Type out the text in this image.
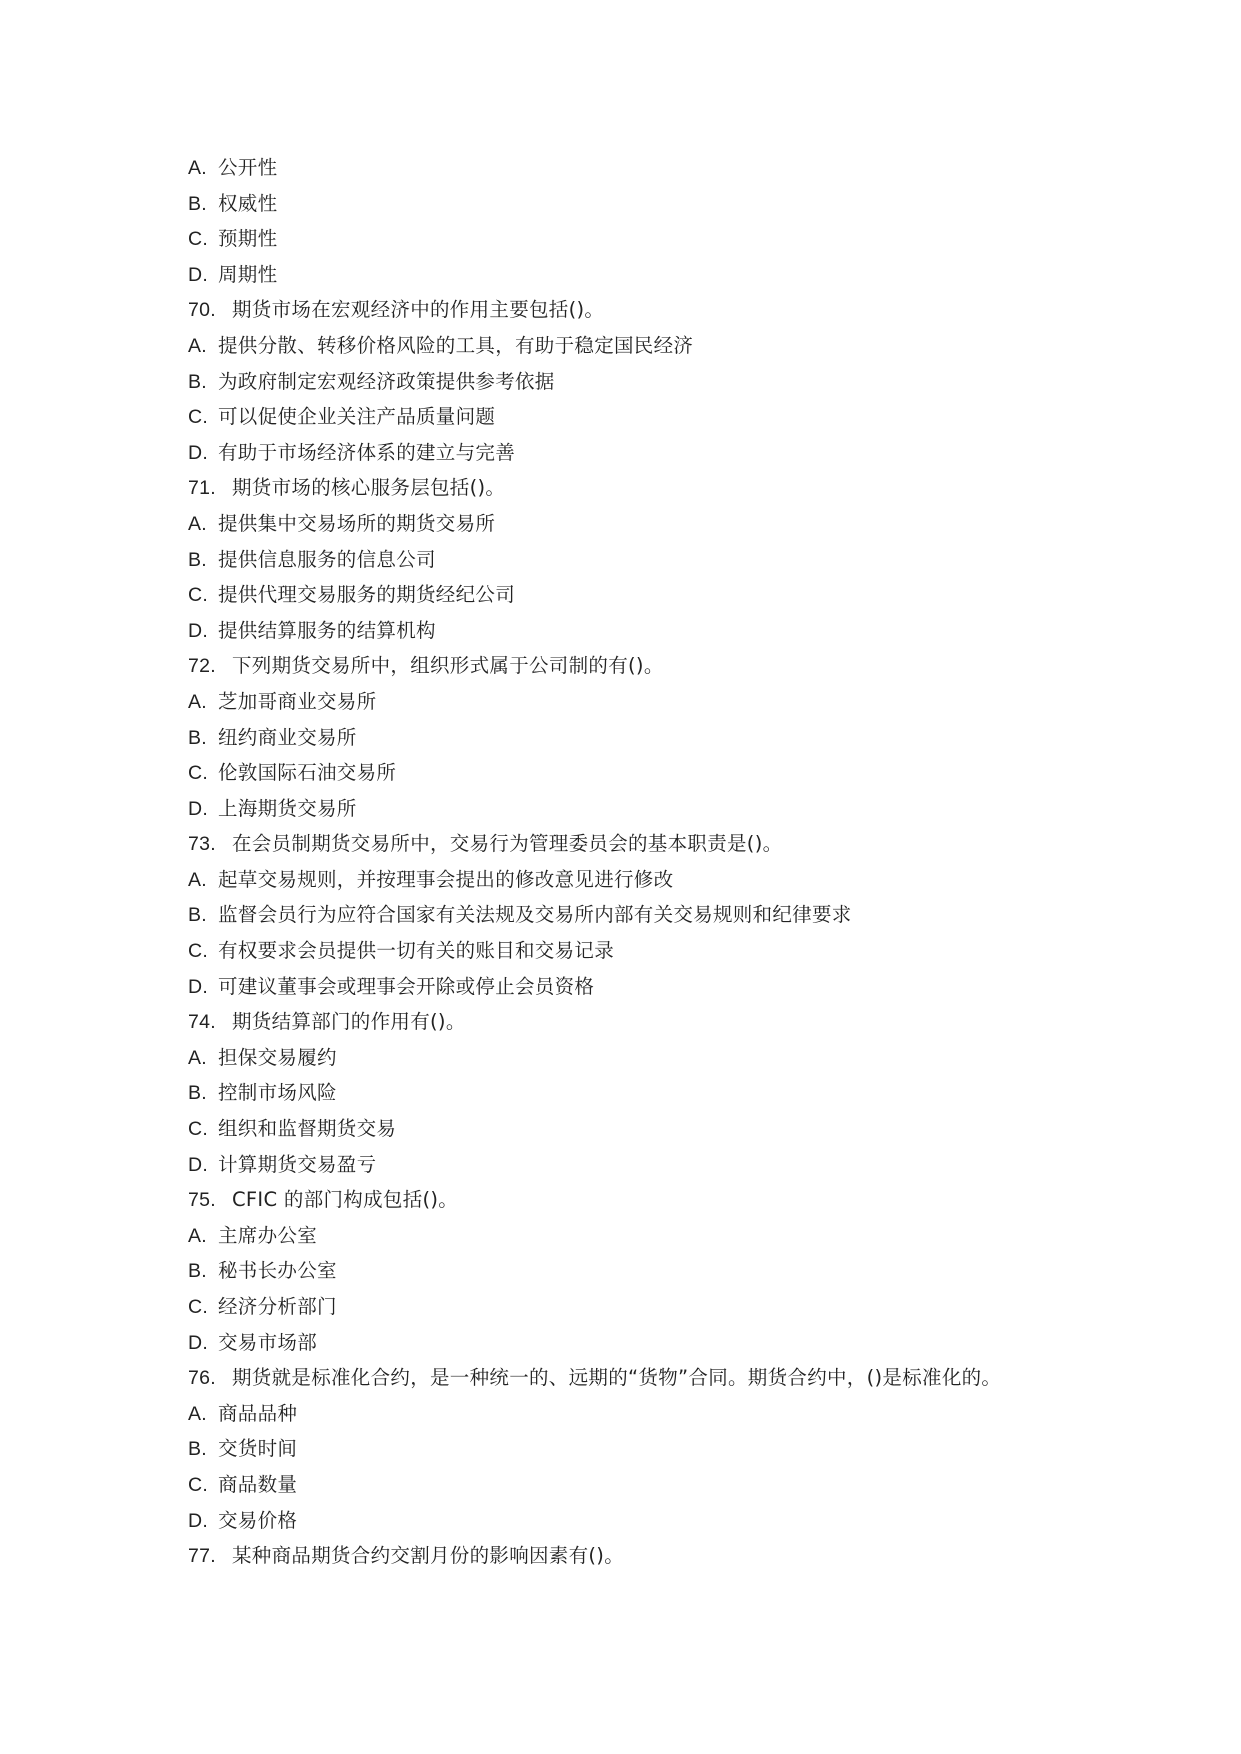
A. 公开性
B. 权威性
C. 预期性
D. 周期性
70. 期货市场在宏观经济中的作用主要包括()。
A. 提供分散、转移价格风险的工具，有助于稳定国民经济
B. 为政府制定宏观经济政策提供参考依据
C. 可以促使企业关注产品质量问题
D. 有助于市场经济体系的建立与完善
71. 期货市场的核心服务层包括()。
A. 提供集中交易场所的期货交易所
B. 提供信息服务的信息公司
C. 提供代理交易服务的期货经纪公司
D. 提供结算服务的结算机构
72. 下列期货交易所中，组织形式属于公司制的有()。
A. 芝加哥商业交易所
B. 纽约商业交易所
C. 伦敦国际石油交易所
D. 上海期货交易所
73. 在会员制期货交易所中，交易行为管理委员会的基本职责是()。
A. 起草交易规则，并按理事会提出的修改意见进行修改
B. 监督会员行为应符合国家有关法规及交易所内部有关交易规则和纪律要求
C. 有权要求会员提供一切有关的账目和交易记录
D. 可建议董事会或理事会开除或停止会员资格
74. 期货结算部门的作用有()。
A. 担保交易履约
B. 控制市场风险
C. 组织和监督期货交易
D. 计算期货交易盈亏
75. CFIC 的部门构成包括()。
A. 主席办公室
B. 秘书长办公室
C. 经济分析部门
D. 交易市场部
76. 期货就是标准化合约，是一种统一的、远期的“货物”合同。期货合约中，()是标准化的。
A. 商品品种
B. 交货时间
C. 商品数量
D. 交易价格
77. 某种商品期货合约交割月份的影响因素有()。
